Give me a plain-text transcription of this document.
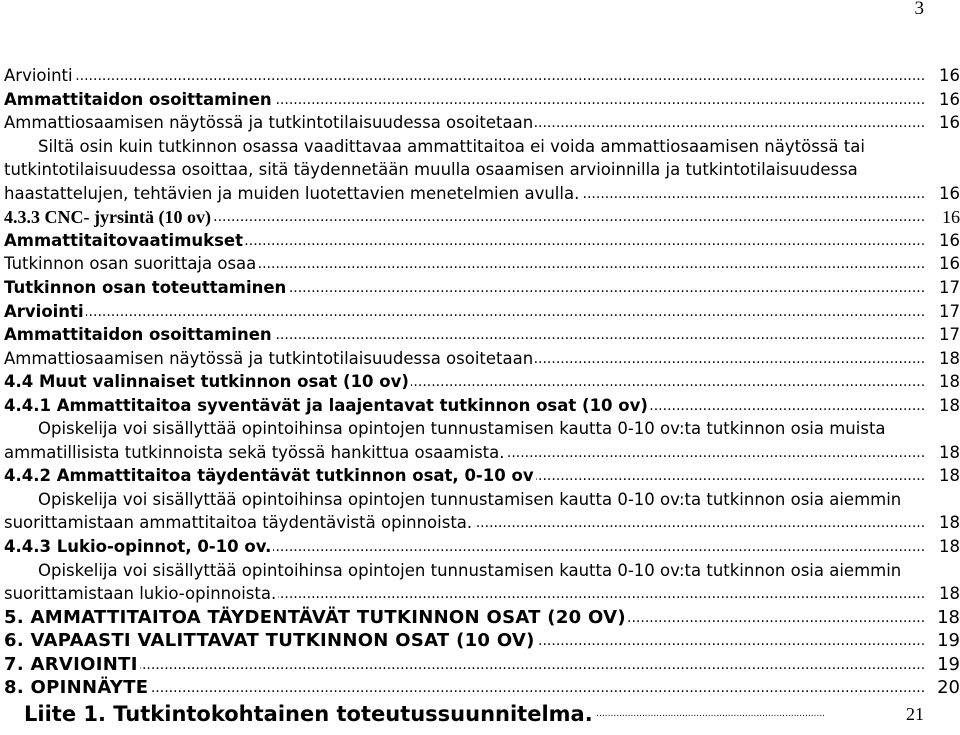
3
.....
Arviointi	16
.....
Ammattitaidon osoittaminen	16
.....
Ammattiosaamisen näytössä ja tutkintotilaisuudessa osoitetaan	16
Siltä osin kuin tutkinnon osassa vaadittavaa ammattitaitoa ei voida ammattiosaamisen näytössä tai
tutkintotilaisuudessa osoittaa, sitä täydennetään muulla osaamisen arvioinnilla ja tutkintotilaisuudessa
.....
haastattelujen, tehtävien ja muiden luotettavien menetelmien avulla.	16
.....
4.3.3 CNC- jyrsintä (10 ov)	16
.....
Ammattitaitovaatimukset	16
.....
Tutkinnon osan suorittaja osaa	16
.....
Tutkinnon osan toteuttaminen	17
.....
Arviointi	17
.....
Ammattitaidon osoittaminen	17
.....
Ammattiosaamisen näytössä ja tutkintotilaisuudessa osoitetaan	18
.....
4.4 Muut valinnaiset tutkinnon osat (10 ov)	18
.....
4.4.1 Ammattitaitoa syventävät ja laajentavat tutkinnon osat (10 ov)	18
Opiskelija voi sisällyttää opintoihinsa opintojen tunnustamisen kautta 0-10 ov:ta tutkinnon osia muista
.....
ammatillisista tutkinnoista sekä työssä hankittua osaamista.	18
.....
4.4.2 Ammattitaitoa täydentävät tutkinnon osat, 0-10 ov	18
Opiskelija voi sisällyttää opintoihinsa opintojen tunnustamisen kautta 0-10 ov:ta tutkinnon osia aiemmin
.....
suorittamistaan ammattitaitoa täydentävistä opinnoista.	18
.....
4.4.3 Lukio-opinnot, 0-10 ov.	18
Opiskelija voi sisällyttää opintoihinsa opintojen tunnustamisen kautta 0-10 ov:ta tutkinnon osia aiemmin
.....
suorittamistaan lukio-opinnoista.	18
.....
5. AMMATTITAITOA TÄYDENTÄVÄT TUTKINNON OSAT (20 OV)	18
.....
6. VAPAASTI VALITTAVAT TUTKINNON OSAT (10 OV)	19
.....
7. ARVIOINTI	19
.....
8. OPINNÄYTE	20
.....
Liite 1. Tutkintokohtainen toteutussuunnitelma.	21
